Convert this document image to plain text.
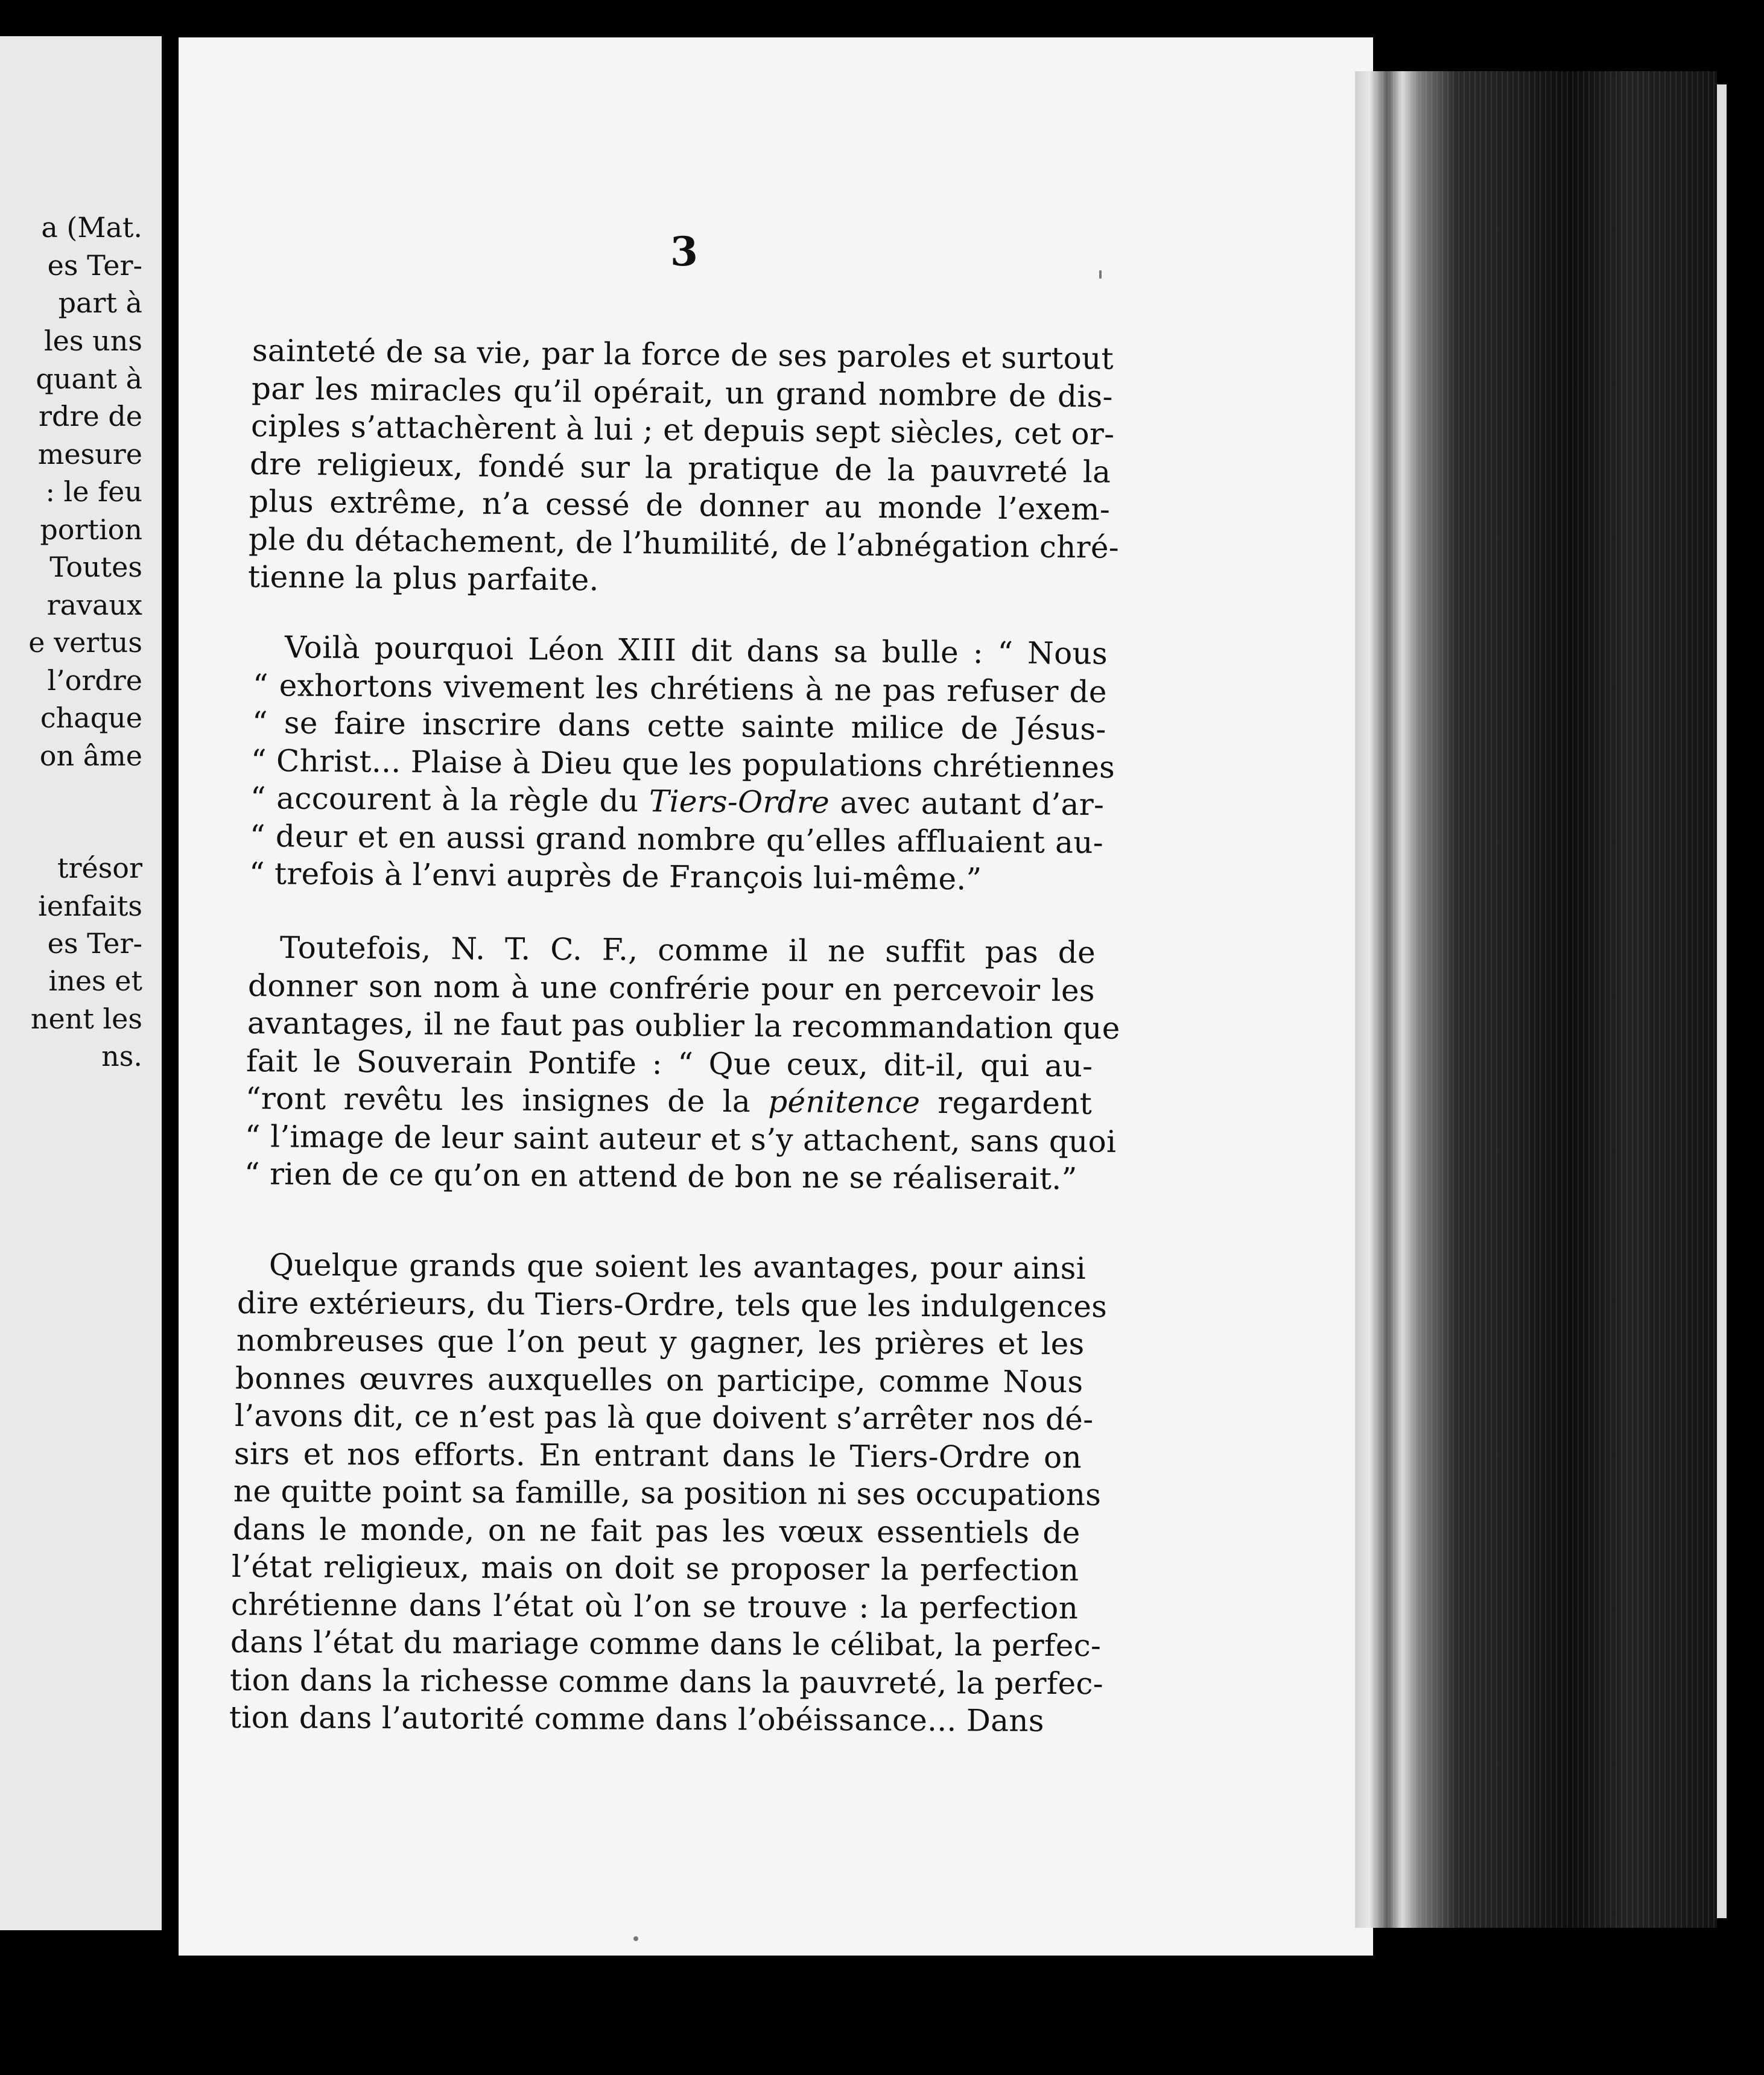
a (Mat.
es Ter-
part à
les uns
quant à
rdre de
mesure
: le feu
portion
Toutes
ravaux
e vertus
l’ordre
chaque
on âme
trésor
ienfaits
es Ter-
ines et
nent les
ns.
3
sainteté de sa vie, par la force de ses paroles et surtout
par les miracles qu’il opérait, un grand nombre de dis-
ciples s’attachèrent à lui ; et depuis sept siècles, cet or-
dre religieux, fondé sur la pratique de la pauvreté la
plus extrême, n’a cessé de donner au monde l’exem-
ple du détachement, de l’humilité, de l’abnégation chré-
tienne la plus parfaite.
Voilà pourquoi Léon XIII dit dans sa bulle : “ Nous
“ exhortons vivement les chrétiens à ne pas refuser de
“ se faire inscrire dans cette sainte milice de Jésus-
“ Christ... Plaise à Dieu que les populations chrétiennes
“ accourent à la règle du Tiers-Ordre avec autant d’ar-
“ deur et en aussi grand nombre qu’elles affluaient au-
“ trefois à l’envi auprès de François lui-même.”
Toutefois, N. T. C. F., comme il ne suffit pas de
donner son nom à une confrérie pour en percevoir les
avantages, il ne faut pas oublier la recommandation que
fait le Souverain Pontife : “ Que ceux, dit-il, qui au-
“ront revêtu les insignes de la pénitence regardent
“ l’image de leur saint auteur et s’y attachent, sans quoi
“ rien de ce qu’on en attend de bon ne se réaliserait.”
Quelque grands que soient les avantages, pour ainsi
dire extérieurs, du Tiers-Ordre, tels que les indulgences
nombreuses que l’on peut y gagner, les prières et les
bonnes œuvres auxquelles on participe, comme Nous
l’avons dit, ce n’est pas là que doivent s’arrêter nos dé-
sirs et nos efforts. En entrant dans le Tiers-Ordre on
ne quitte point sa famille, sa position ni ses occupations
dans le monde, on ne fait pas les vœux essentiels de
l’état religieux, mais on doit se proposer la perfection
chrétienne dans l’état où l’on se trouve : la perfection
dans l’état du mariage comme dans le célibat, la perfec-
tion dans la richesse comme dans la pauvreté, la perfec-
tion dans l’autorité comme dans l’obéissance... Dans
